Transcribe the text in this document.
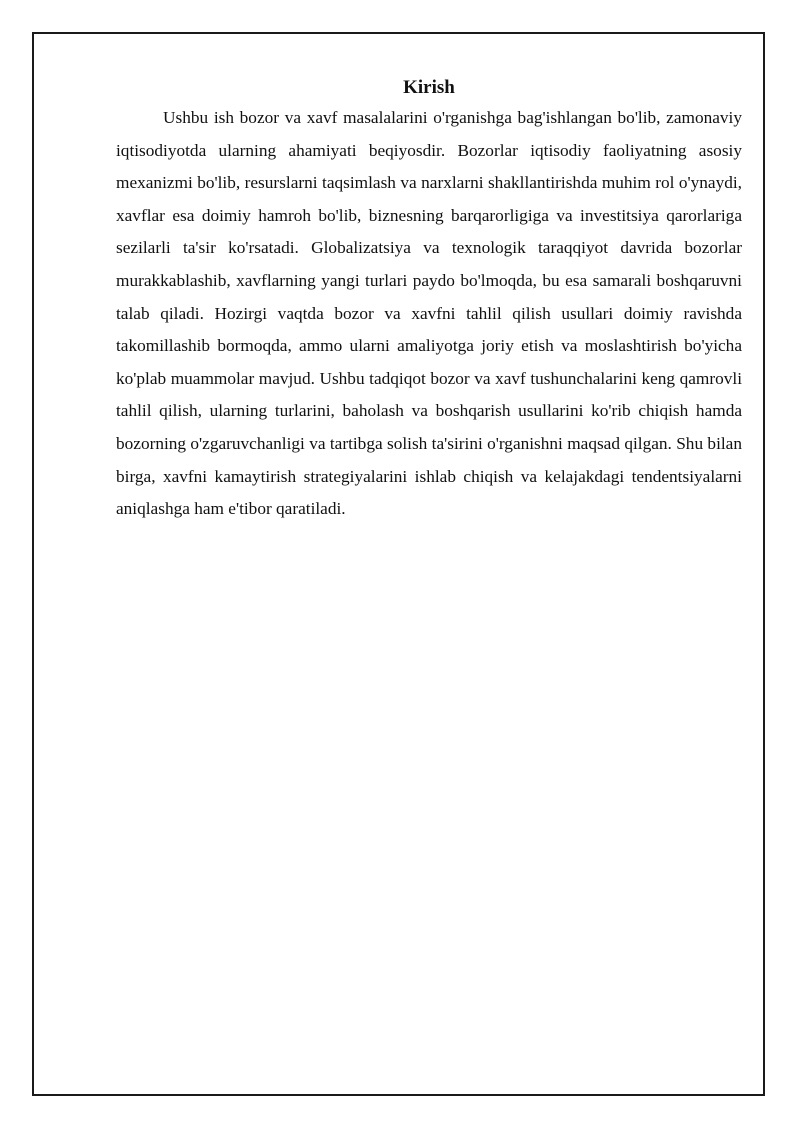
Kirish

Ushbu ish bozor va xavf masalalarini o'rganishga bag'ishlangan bo'lib, zamonaviy iqtisodiyotda ularning ahamiyati beqiyosdir. Bozorlar iqtisodiy faoliyatning asosiy mexanizmi bo'lib, resurslarni taqsimlash va narxlarni shakllantirishda muhim rol o'ynaydi, xavflar esa doimiy hamroh bo'lib, biznesning barqarorligiga va investitsiya qarorlariga sezilarli ta'sir ko'rsatadi. Globalizatsiya va texnologik taraqqiyot davrida bozorlar murakkablashib, xavflarning yangi turlari paydo bo'lmoqda, bu esa samarali boshqaruvni talab qiladi. Hozirgi vaqtda bozor va xavfni tahlil qilish usullari doimiy ravishda takomillashib bormoqda, ammo ularni amaliyotga joriy etish va moslashtirish bo'yicha ko'plab muammolar mavjud. Ushbu tadqiqot bozor va xavf tushunchalarini keng qamrovli tahlil qilish, ularning turlarini, baholash va boshqarish usullarini ko'rib chiqish hamda bozorning o'zgaruvchanligi va tartibga solish ta'sirini o'rganishni maqsad qilgan. Shu bilan birga, xavfni kamaytirish strategiyalarini ishlab chiqish va kelajakdagi tendentsiyalarni aniqlashga ham e'tibor qaratiladi.
